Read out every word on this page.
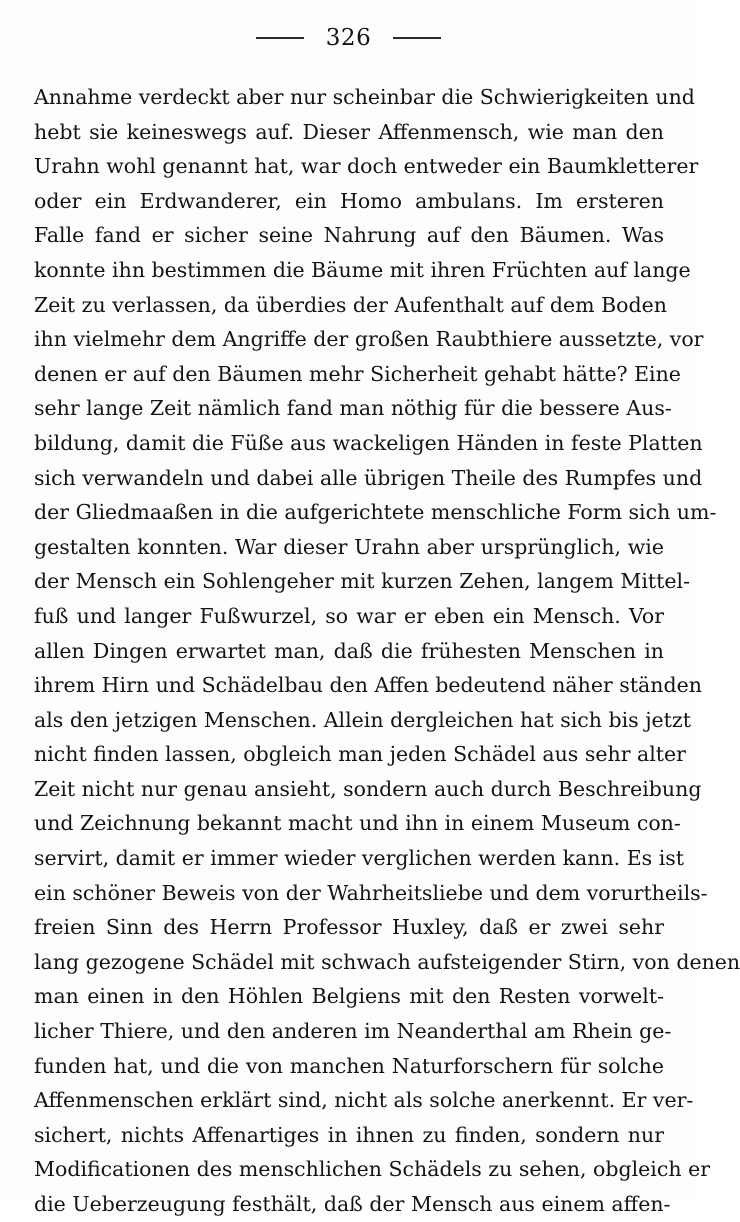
326
Annahme verdeckt aber nur scheinbar die Schwierigkeiten und
hebt sie keineswegs auf. Dieser Affenmensch, wie man den
Urahn wohl genannt hat, war doch entweder ein Baumkletterer
oder ein Erdwanderer, ein Homo ambulans. Im ersteren
Falle fand er sicher seine Nahrung auf den Bäumen. Was
konnte ihn bestimmen die Bäume mit ihren Früchten auf lange
Zeit zu verlassen, da überdies der Aufenthalt auf dem Boden
ihn vielmehr dem Angriffe der großen Raubthiere aussetzte, vor
denen er auf den Bäumen mehr Sicherheit gehabt hätte? Eine
sehr lange Zeit nämlich fand man nöthig für die bessere Aus-
bildung, damit die Füße aus wackeligen Händen in feste Platten
sich verwandeln und dabei alle übrigen Theile des Rumpfes und
der Gliedmaaßen in die aufgerichtete menschliche Form sich um-
gestalten konnten. War dieser Urahn aber ursprünglich, wie
der Mensch ein Sohlengeher mit kurzen Zehen, langem Mittel-
fuß und langer Fußwurzel, so war er eben ein Mensch. Vor
allen Dingen erwartet man, daß die frühesten Menschen in
ihrem Hirn und Schädelbau den Affen bedeutend näher ständen
als den jetzigen Menschen. Allein dergleichen hat sich bis jetzt
nicht finden lassen, obgleich man jeden Schädel aus sehr alter
Zeit nicht nur genau ansieht, sondern auch durch Beschreibung
und Zeichnung bekannt macht und ihn in einem Museum con-
servirt, damit er immer wieder verglichen werden kann. Es ist
ein schöner Beweis von der Wahrheitsliebe und dem vorurtheils-
freien Sinn des Herrn Professor Huxley, daß er zwei sehr
lang gezogene Schädel mit schwach aufsteigender Stirn, von denen
man einen in den Höhlen Belgiens mit den Resten vorwelt-
licher Thiere, und den anderen im Neanderthal am Rhein ge-
funden hat, und die von manchen Naturforschern für solche
Affenmenschen erklärt sind, nicht als solche anerkennt. Er ver-
sichert, nichts Affenartiges in ihnen zu finden, sondern nur
Modificationen des menschlichen Schädels zu sehen, obgleich er
die Ueberzeugung festhält, daß der Mensch aus einem affen-
